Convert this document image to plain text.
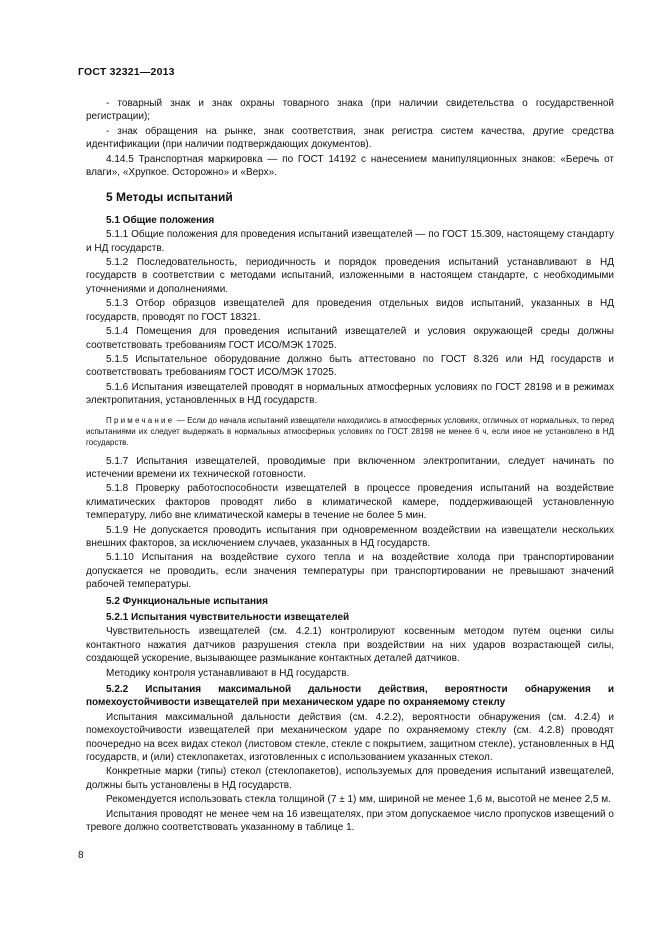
ГОСТ 32321—2013

- товарный знак и знак охраны товарного знака (при наличии свидетельства о государственной регистрации);

- знак обращения на рынке, знак соответствия, знак регистра систем качества, другие средства идентификации (при наличии подтверждающих документов).

4.14.5 Транспортная маркировка — по ГОСТ 14192 с нанесением манипуляционных знаков: «Беречь от влаги», «Хрупкое. Осторожно» и «Верх».

5 Методы испытаний

5.1 Общие положения

5.1.1 Общие положения для проведения испытаний извещателей — по ГОСТ 15.309, настоящему стандарту и НД государств.

5.1.2 Последовательность, периодичность и порядок проведения испытаний устанавливают в НД государств в соответствии с методами испытаний, изложенными в настоящем стандарте, с необходимыми уточнениями и дополнениями.

5.1.3 Отбор образцов извещателей для проведения отдельных видов испытаний, указанных в НД государств, проводят по ГОСТ 18321.

5.1.4 Помещения для проведения испытаний извещателей и условия окружающей среды должны соответствовать требованиям ГОСТ ИСО/МЭК 17025.

5.1.5 Испытательное оборудование должно быть аттестовано по ГОСТ 8.326 или НД государств и соответствовать требованиям ГОСТ ИСО/МЭК 17025.

5.1.6 Испытания извещателей проводят в нормальных атмосферных условиях по ГОСТ 28198 и в режимах электропитания, установленных в НД государств.

Примечание — Если до начала испытаний извещатели находились в атмосферных условиях, отличных от нормальных, то перед испытаниями их следует выдержать в нормальных атмосферных условиях по ГОСТ 28198 не менее 6 ч, если иное не установлено в НД государств.

5.1.7 Испытания извещателей, проводимые при включенном электропитании, следует начинать по истечении времени их технической готовности.

5.1.8 Проверку работоспособности извещателей в процессе проведения испытаний на воздействие климатических факторов проводят либо в климатической камере, поддерживающей установленную температуру, либо вне климатической камеры в течение не более 5 мин.

5.1.9 Не допускается проводить испытания при одновременном воздействии на извещатели нескольких внешних факторов, за исключением случаев, указанных в НД государств.

5.1.10 Испытания на воздействие сухого тепла и на воздействие холода при транспортировании допускается не проводить, если значения температуры при транспортировании не превышают значений рабочей температуры.

5.2 Функциональные испытания

5.2.1 Испытания чувствительности извещателей

Чувствительность извещателей (см. 4.2.1) контролируют косвенным методом путем оценки силы контактного нажатия датчиков разрушения стекла при воздействии на них ударов возрастающей силы, создающей ускорение, вызывающее размыкание контактных деталей датчиков.

Методику контроля устанавливают в НД государств.

5.2.2 Испытания максимальной дальности действия, вероятности обнаружения и помехоустойчивости извещателей при механическом ударе по охраняемому стеклу

Испытания максимальной дальности действия (см. 4.2.2), вероятности обнаружения (см. 4.2.4) и помехоустойчивости извещателей при механическом ударе по охраняемому стеклу (см. 4.2.8) проводят поочередно на всех видах стекол (листовом стекле, стекле с покрытием, защитном стекле), установленных в НД государств, и (или) стеклопакетах, изготовленных с использованием указанных стекол.

Конкретные марки (типы) стекол (стеклопакетов), используемых для проведения испытаний извещателей, должны быть установлены в НД государств.

Рекомендуется использовать стекла толщиной (7 ± 1) мм, шириной не менее 1,6 м, высотой не менее 2,5 м.

Испытания проводят не менее чем на 16 извещателях, при этом допускаемое число пропусков извещений о тревоге должно соответствовать указанному в таблице 1.

8
